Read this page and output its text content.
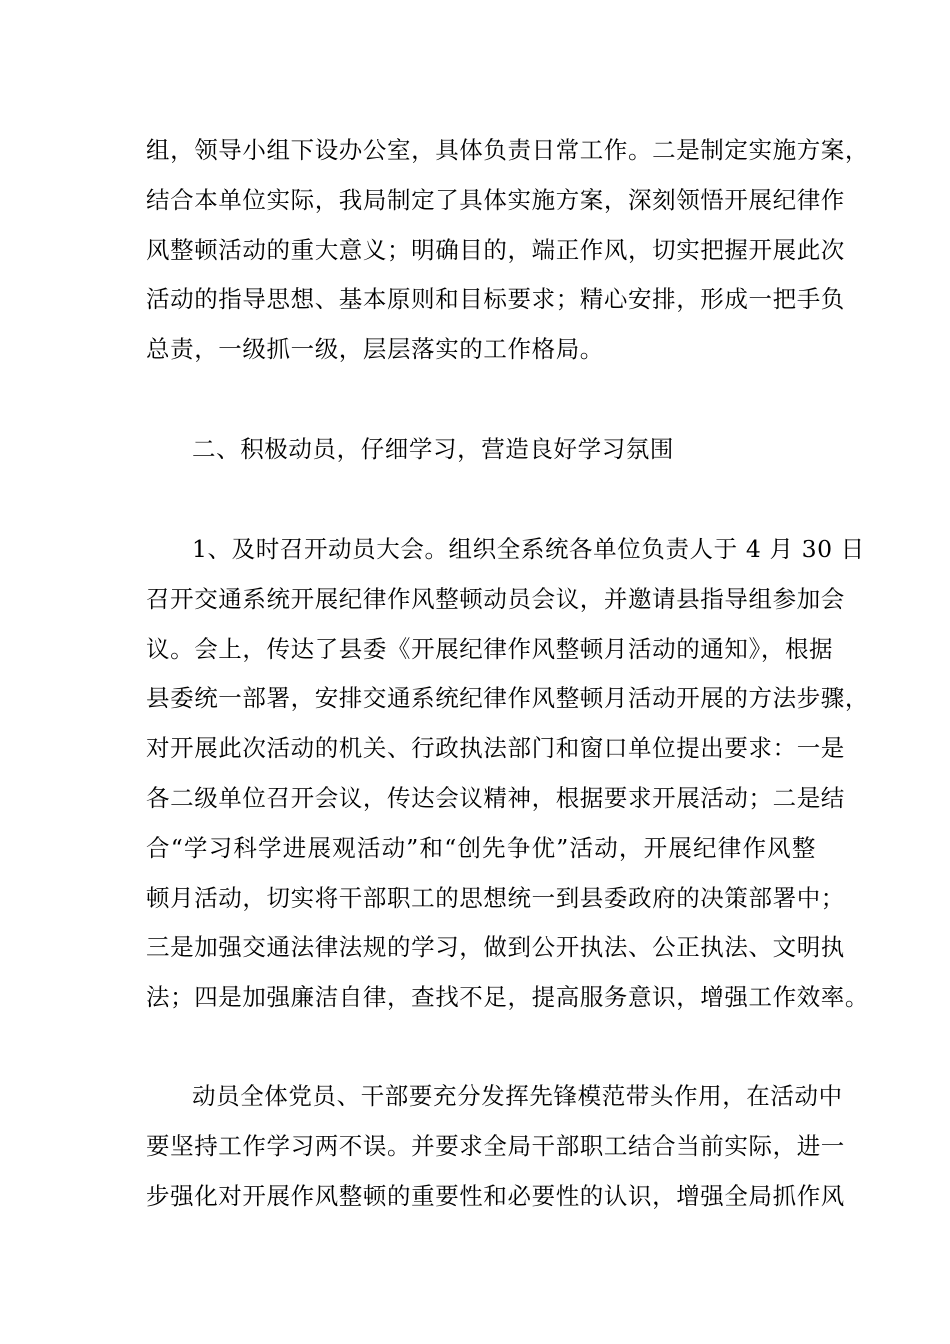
组，领导小组下设办公室，具体负责日常工作。二是制定实施方案，
结合本单位实际，我局制定了具体实施方案，深刻领悟开展纪律作
风整顿活动的重大意义；明确目的，端正作风，切实把握开展此次
活动的指导思想、基本原则和目标要求；精心安排，形成一把手负
总责，一级抓一级，层层落实的工作格局。
二、积极动员，仔细学习，营造良好学习氛围
1、及时召开动员大会。组织全系统各单位负责人于 4 月 30 日
召开交通系统开展纪律作风整顿动员会议，并邀请县指导组参加会
议。会上，传达了县委《开展纪律作风整顿月活动的通知》，根据
县委统一部署，安排交通系统纪律作风整顿月活动开展的方法步骤，
对开展此次活动的机关、行政执法部门和窗口单位提出要求：一是
各二级单位召开会议，传达会议精神，根据要求开展活动；二是结
合“学习科学进展观活动”和“创先争优”活动，开展纪律作风整
顿月活动，切实将干部职工的思想统一到县委政府的决策部署中；
三是加强交通法律法规的学习，做到公开执法、公正执法、文明执
法；四是加强廉洁自律，查找不足，提高服务意识，增强工作效率。
动员全体党员、干部要充分发挥先锋模范带头作用，在活动中
要坚持工作学习两不误。并要求全局干部职工结合当前实际，进一
步强化对开展作风整顿的重要性和必要性的认识，增强全局抓作风
